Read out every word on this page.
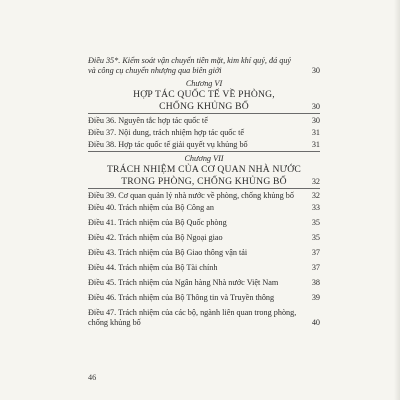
Điều 35*. Kiểm soát vận chuyển tiền mặt, kim khí quý, đá quý và công cụ chuyển nhượng qua biên giới	30
Chương VI
HỢP TÁC QUỐC TẾ VỀ PHÒNG,
CHỐNG KHỦNG BỐ	30
Điều 36. Nguyên tắc hợp tác quốc tế	30
Điều 37. Nội dung, trách nhiệm hợp tác quốc tế	31
Điều 38. Hợp tác quốc tế giải quyết vụ khủng bố	31
Chương VII
TRÁCH NHIỆM CỦA CƠ QUAN NHÀ NƯỚC
TRONG PHÒNG, CHỐNG KHỦNG BỐ	32
Điều 39. Cơ quan quản lý nhà nước về phòng, chống khủng bố	32
Điều 40. Trách nhiệm của Bộ Công an	33
Điều 41. Trách nhiệm của Bộ Quốc phòng	35
Điều 42. Trách nhiệm của Bộ Ngoại giao	35
Điều 43. Trách nhiệm của Bộ Giao thông vận tải	37
Điều 44. Trách nhiệm của Bộ Tài chính	37
Điều 45. Trách nhiệm của Ngân hàng Nhà nước Việt Nam	38
Điều 46. Trách nhiệm của Bộ Thông tin và Truyền thông	39
Điều 47. Trách nhiệm của các bộ, ngành liên quan trong phòng, chống khủng bố	40
46
